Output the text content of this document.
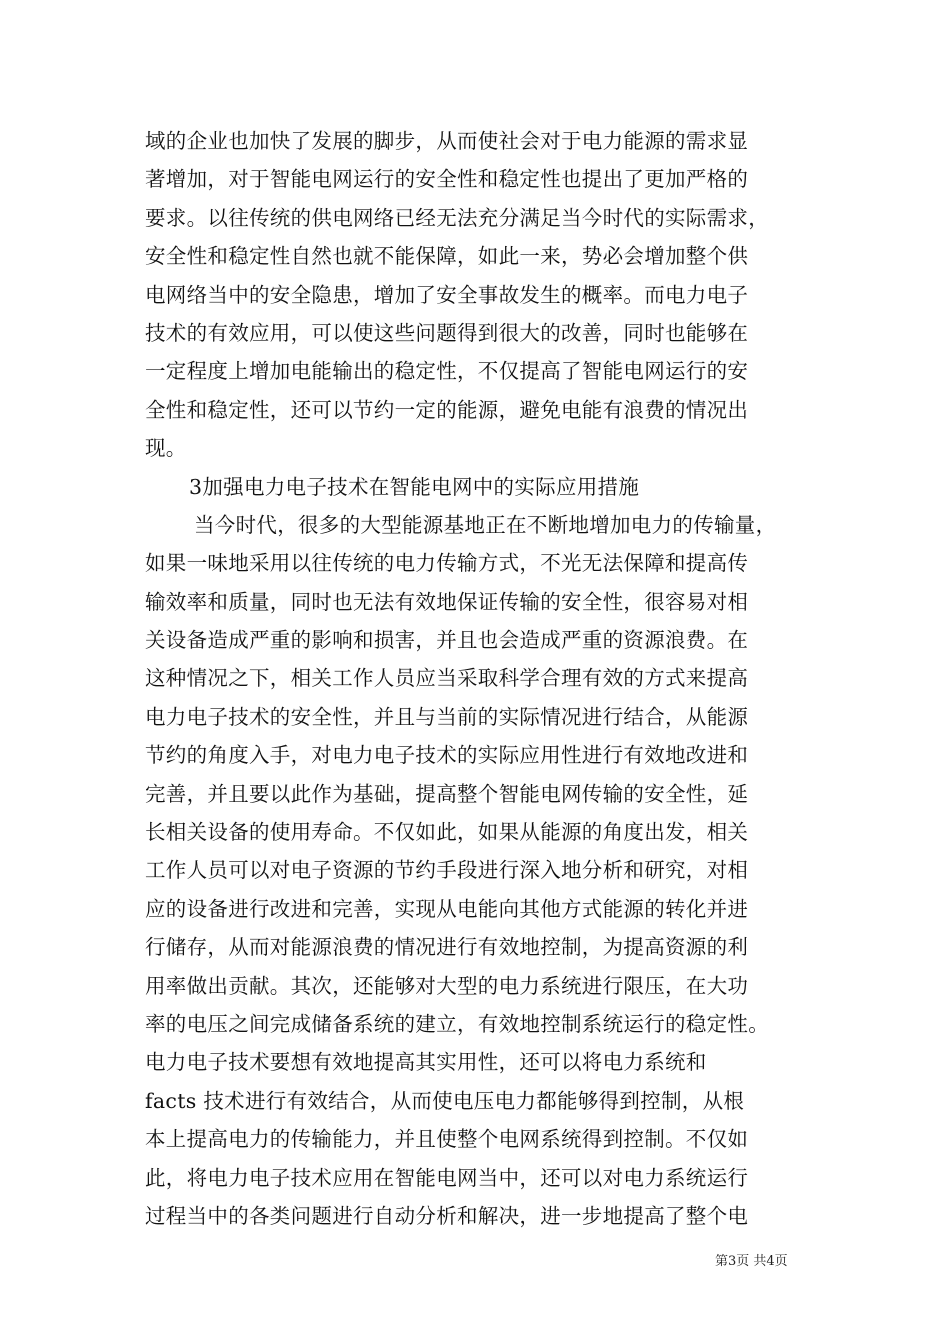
域的企业也加快了发展的脚步，从而使社会对于电力能源的需求显
著增加，对于智能电网运行的安全性和稳定性也提出了更加严格的
要求。以往传统的供电网络已经无法充分满足当今时代的实际需求，
安全性和稳定性自然也就不能保障，如此一来，势必会增加整个供
电网络当中的安全隐患，增加了安全事故发生的概率。而电力电子
技术的有效应用，可以使这些问题得到很大的改善，同时也能够在
一定程度上增加电能输出的稳定性，不仅提高了智能电网运行的安
全性和稳定性，还可以节约一定的能源，避免电能有浪费的情况出
现。
3加强电力电子技术在智能电网中的实际应用措施
当今时代，很多的大型能源基地正在不断地增加电力的传输量，
如果一味地采用以往传统的电力传输方式，不光无法保障和提高传
输效率和质量，同时也无法有效地保证传输的安全性，很容易对相
关设备造成严重的影响和损害，并且也会造成严重的资源浪费。在
这种情况之下，相关工作人员应当采取科学合理有效的方式来提高
电力电子技术的安全性，并且与当前的实际情况进行结合，从能源
节约的角度入手，对电力电子技术的实际应用性进行有效地改进和
完善，并且要以此作为基础，提高整个智能电网传输的安全性，延
长相关设备的使用寿命。不仅如此，如果从能源的角度出发，相关
工作人员可以对电子资源的节约手段进行深入地分析和研究，对相
应的设备进行改进和完善，实现从电能向其他方式能源的转化并进
行储存，从而对能源浪费的情况进行有效地控制，为提高资源的利
用率做出贡献。其次，还能够对大型的电力系统进行限压，在大功
率的电压之间完成储备系统的建立，有效地控制系统运行的稳定性。
电力电子技术要想有效地提高其实用性，还可以将电力系统和
facts 技术进行有效结合，从而使电压电力都能够得到控制，从根
本上提高电力的传输能力，并且使整个电网系统得到控制。不仅如
此，将电力电子技术应用在智能电网当中，还可以对电力系统运行
过程当中的各类问题进行自动分析和解决，进一步地提高了整个电
第3页 共4页
